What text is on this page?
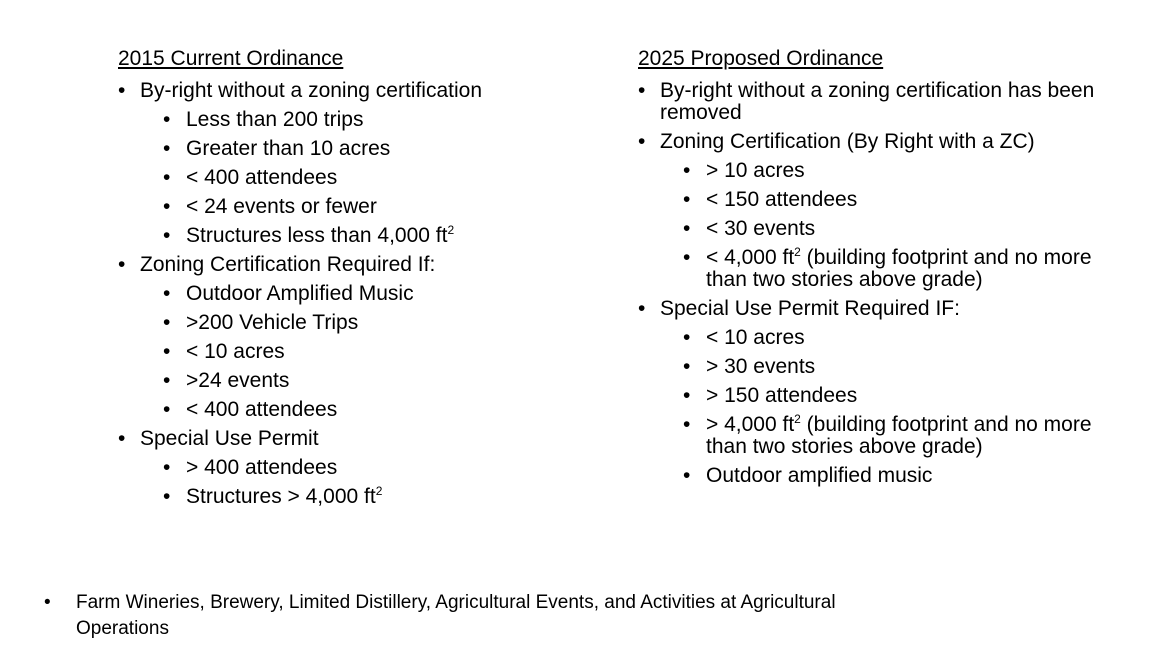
2015 Current Ordinance
• By-right without a zoning certification
• Less than 200 trips
• Greater than 10 acres
• < 400 attendees
• < 24 events or fewer
• Structures less than 4,000 $ft^2$
• Zoning Certification Required If:
• Outdoor Amplified Music
• >200 Vehicle Trips
• < 10 acres
• >24 events
• < 400 attendees
• Special Use Permit
• > 400 attendees
• Structures > 4,000 $ft^2$
2025 Proposed Ordinance
• By-right without a zoning certification has been removed
• Zoning Certification (By Right with a ZC)
• > 10 acres
• < 150 attendees
• < 30 events
• < 4,000 $ft^2$ (building footprint and no more than two stories above grade)
• Special Use Permit Required IF:
• < 10 acres
• > 30 events
• > 150 attendees
• > 4,000 $ft^2$ (building footprint and no more than two stories above grade)
• Outdoor amplified music
• Farm Wineries, Brewery, Limited Distillery, Agricultural Events, and Activities at Agricultural Operations
